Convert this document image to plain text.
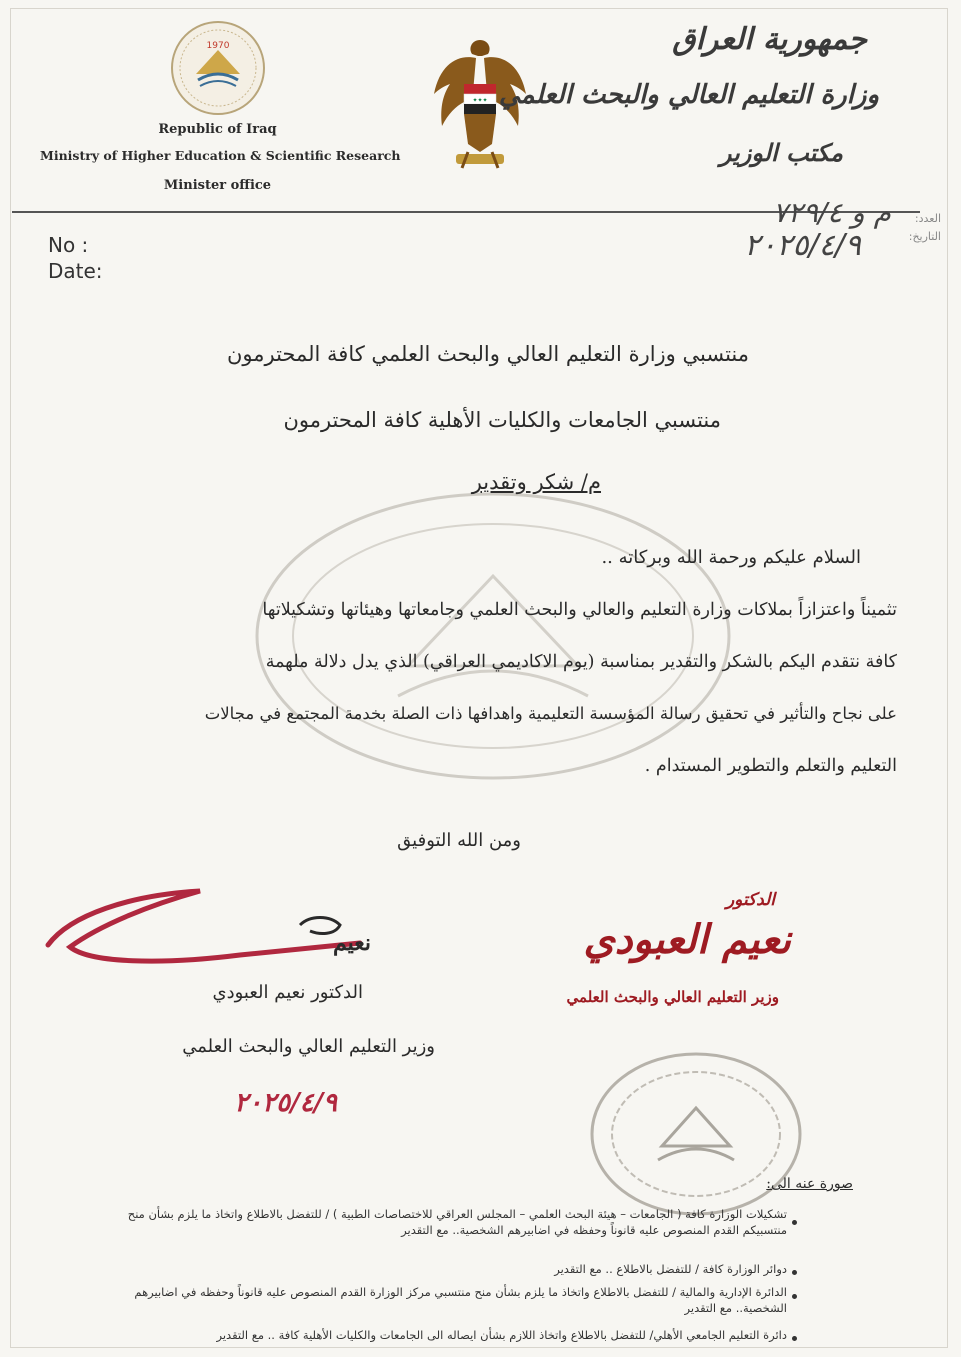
1970
✦✦✦
Republic of Iraq
Ministry of Higher Education & Scientific Research
Minister office
جمهورية العراق
وزارة التعليم العالي والبحث العلمي
مكتب الوزير
No :
Date:
العدد:
التاريخ:
م و ٧٢٩/٤
٢٠٢٥/٤/٩
منتسبي وزارة التعليم العالي والبحث العلمي كافة المحترمون
منتسبي الجامعات والكليات الأهلية كافة المحترمون
م/ شكر وتقدير
السلام عليكم ورحمة الله وبركاته ..
تثميناً واعتزازاً بملاكات وزارة التعليم والعالي والبحث العلمي وجامعاتها وهيئاتها وتشكيلاتها
كافة نتقدم اليكم بالشكر والتقدير بمناسبة (يوم الاكاديمي العراقي) الذي يدل دلالة ملهمة
على نجاح والتأثير في تحقيق رسالة المؤسسة التعليمية واهدافها ذات الصلة بخدمة المجتمع في مجالات
التعليم والتعلم والتطوير المستدام .
ومن الله التوفيق
الدكتور
نعيم العبودي
وزير التعليم العالي والبحث العلمي
نعيم
الدكتور نعيم العبودي
وزير التعليم العالي والبحث العلمي
٢٠٢٥/٤/٩
صورة عنه الى:
تشكيلات الوزارة كافة ( الجامعات – هيئة البحث العلمي – المجلس العراقي للاختصاصات الطبية ) / للتفضل بالاطلاع واتخاذ ما يلزم بشأن منح منتسبيكم القدم المنصوص عليه قانوناً وحفظه في اضابيرهم الشخصية.. مع التقدير
دوائر الوزارة كافة / للتفضل بالاطلاع .. مع التقدير
الدائرة الإدارية والمالية / للتفضل بالاطلاع واتخاذ ما يلزم بشأن منح منتسبي مركز الوزارة القدم المنصوص عليه قانوناً وحفظه في اضابيرهم الشخصية.. مع التقدير
دائرة التعليم الجامعي الأهلي/ للتفضل بالاطلاع واتخاذ اللازم بشأن ايصاله الى الجامعات والكليات الأهلية كافة .. مع التقدير
